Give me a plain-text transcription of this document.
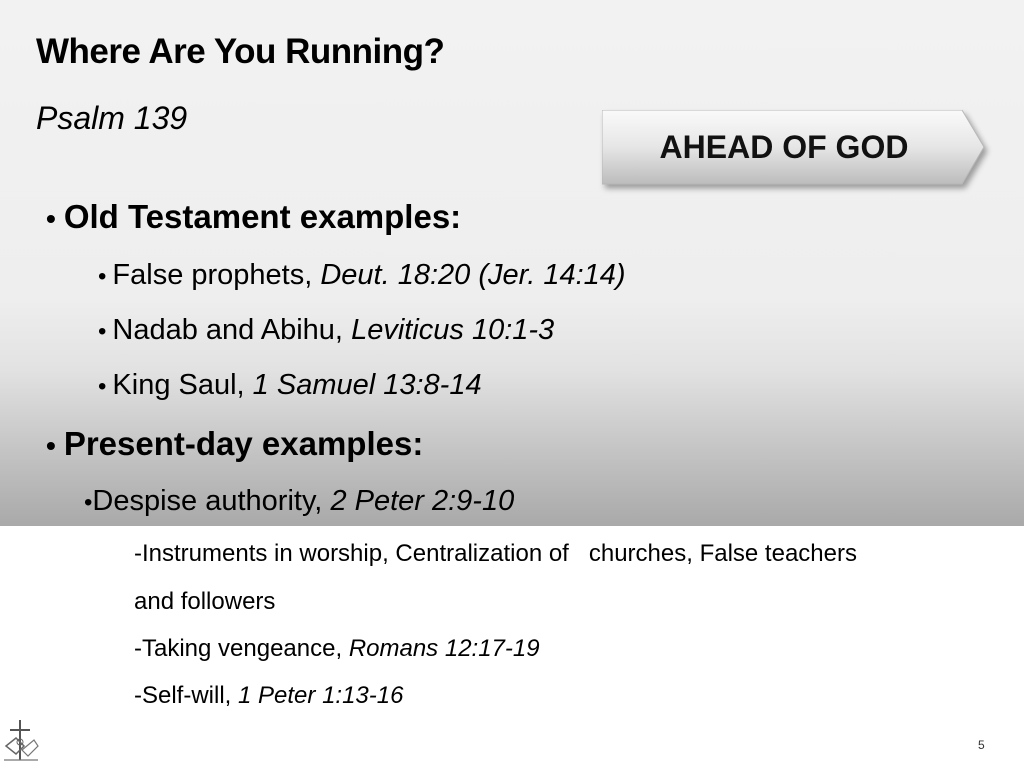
Where Are You Running?
Psalm 139
AHEAD OF GOD
• Old Testament examples:
• False prophets, Deut. 18:20 (Jer. 14:14)
• Nadab and Abihu, Leviticus 10:1-3
• King Saul, 1 Samuel 13:8-14
• Present-day examples:
•Despise authority, 2 Peter 2:9-10
-Instruments in worship, Centralization of   churches, False teachers
and followers
-Taking vengeance, Romans 12:17-19
-Self-will, 1 Peter 1:13-16
5
